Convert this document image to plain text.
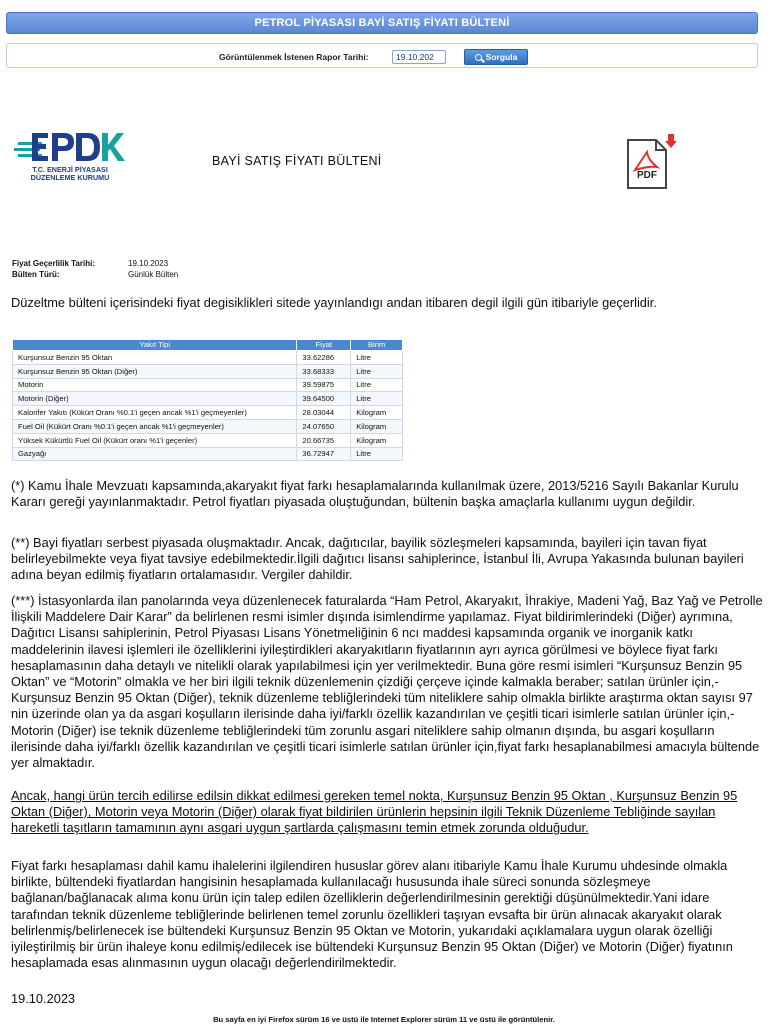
PETROL PİYASASI BAYİ SATIŞ FİYATI BÜLTENİ
Görüntülenmek İstenen Rapor Tarihi:
19.10.202	Sorgula
T.C. ENERJİ PİYASASI
DÜZENLEME KURUMU
BAYİ SATIŞ FİYATI BÜLTENİ
PDF
Fiyat Geçerlilik Tarihi:	19.10.2023
Bülten Türü:	Günlük Bülten
Düzeltme bülteni içerisindeki fiyat degisiklikleri sitede yayınlandıgı andan itibaren degil ilgili gün itibariyle geçerlidir.
Yakıt Tipi	Fiyat	Birim
Kurşunsuz Benzin 95 Oktan	33.62286	Litre
Kurşunsuz Benzin 95 Oktan (Diğer)	33.68333	Litre
Motorin	39.59875	Litre
Motorin (Diğer)	39.64500	Litre
Kalorifer Yakıtı (Kükürt Oranı %0.1'i geçen ancak %1'i geçmeyenler)	28.03044	Kilogram
Fuel Oil (Kükürt Oranı %0.1'i geçen ancak %1'i geçmeyenler)	24.07650	Kilogram
Yüksek Kükürtlü Fuel Oil (Kükürt oranı %1'i geçenler)	20.66735	Kilogram
Gazyağı	36.72947	Litre
(*) Kamu İhale Mevzuatı kapsamında,akaryakıt fiyat farkı hesaplamalarında kullanılmak üzere, 2013/5216 Sayılı Bakanlar Kurulu Kararı gereği yayınlanmaktadır. Petrol fiyatları piyasada oluştuğundan, bültenin başka amaçlarla kullanımı uygun değildir.
(**) Bayi fiyatları serbest piyasada oluşmaktadır. Ancak, dağıtıcılar, bayilik sözleşmeleri kapsamında, bayileri için tavan fiyat belirleyebilmekte veya fiyat tavsiye edebilmektedir.İlgili dağıtıcı lisansı sahiplerince, İstanbul İli, Avrupa Yakasında bulunan bayileri adına beyan edilmiş fiyatların ortalamasıdır. Vergiler dahildir.
(***) İstasyonlarda ilan panolarında veya düzenlenecek faturalarda “Ham Petrol, Akaryakıt, İhrakiye, Madeni Yağ, Baz Yağ ve Petrolle İlişkili Maddelere Dair Karar” da belirlenen resmi isimler dışında isimlendirme yapılamaz. Fiyat bildirimlerindeki (Diğer) ayrımına, Dağıtıcı Lisansı sahiplerinin, Petrol Piyasası Lisans Yönetmeliğinin 6 ncı maddesi kapsamında organik ve inorganik katkı maddelerinin ilavesi işlemleri ile özelliklerini iyileştirdikleri akaryakıtların fiyatlarının ayrı ayrıca görülmesi ve böylece fiyat farkı hesaplamasının daha detaylı ve nitelikli olarak yapılabilmesi için yer verilmektedir. Buna göre resmi isimleri “Kurşunsuz Benzin 95 Oktan” ve “Motorin” olmakla ve her biri ilgili teknik düzenlemenin çizdiği çerçeve içinde kalmakla beraber; satılan ürünler için,- Kurşunsuz Benzin 95 Oktan (Diğer), teknik düzenleme tebliğlerindeki tüm niteliklere sahip olmakla birlikte araştırma oktan sayısı 97 nin üzerinde olan ya da asgari koşulların ilerisinde daha iyi/farklı özellik kazandırılan ve çeşitli ticari isimlerle satılan ürünler için,- Motorin (Diğer) ise teknik düzenleme tebliğlerindeki tüm zorunlu asgari niteliklere sahip olmanın dışında, bu asgari koşulların ilerisinde daha iyi/farklı özellik kazandırılan ve çeşitli ticari isimlerle satılan ürünler için,fiyat farkı hesaplanabilmesi amacıyla bültende yer almaktadır.
Ancak, hangi ürün tercih edilirse edilsin dikkat edilmesi gereken temel nokta, Kurşunsuz Benzin 95 Oktan , Kurşunsuz Benzin 95 Oktan (Diğer), Motorin veya Motorin (Diğer) olarak fiyat bildirilen ürünlerin hepsinin ilgili Teknik Düzenleme Tebliğinde sayılan hareketli taşıtların tamamının aynı asgari uygun şartlarda çalışmasını temin etmek zorunda olduğudur.
Fiyat farkı hesaplaması dahil kamu ihalelerini ilgilendiren hususlar görev alanı itibariyle Kamu İhale Kurumu uhdesinde olmakla birlikte, bültendeki fiyatlardan hangisinin hesaplamada kullanılacağı hususunda ihale süreci sonunda sözleşmeye bağlanan/bağlanacak alıma konu ürün için talep edilen özelliklerin değerlendirilmesinin gerektiği düşünülmektedir.Yani idare tarafından teknik düzenleme tebliğlerinde belirlenen temel zorunlu özellikleri taşıyan evsafta bir ürün alınacak akaryakıt olarak belirlenmiş/belirlenecek ise bültendeki Kurşunsuz Benzin 95 Oktan ve Motorin, yukarıdaki açıklamalara uygun olarak özelliği iyileştirilmiş bir ürün ihaleye konu edilmiş/edilecek ise bültendeki Kurşunsuz Benzin 95 Oktan (Diğer) ve Motorin (Diğer) fiyatının hesaplamada esas alınmasının uygun olacağı değerlendirilmektedir.
19.10.2023
Bu sayfa en iyi Firefox sürüm 16 ve üstü ile Internet Explorer sürüm 11 ve üstü ile görüntülenir.
